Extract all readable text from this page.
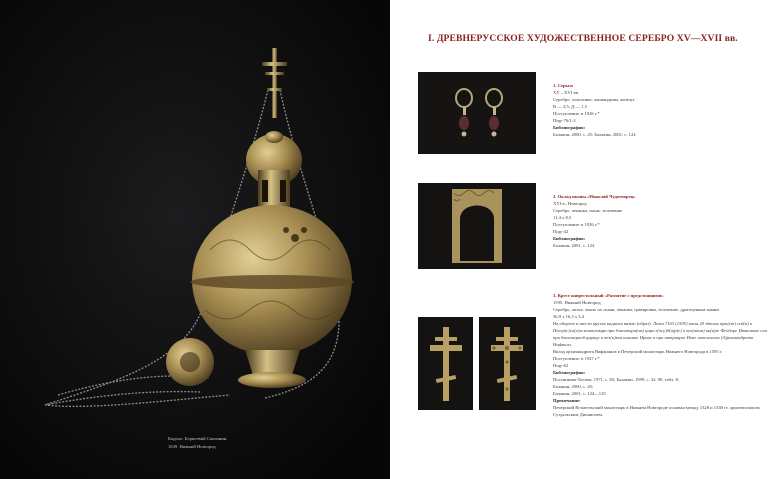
Кадило. Борисевий Сколинин.
1639. Нижний Новгород
I. ДРЕВНЕРУССКОЕ ХУДОЖЕСТВЕННОЕ СЕРЕБРО XV—XVII вв.
1. Серьги
XV – XVI вв.
Серебро, золочение, альмандины, жемчуг
В — 3,5; Д — 1,5
Поступление: в 1926 г.*
Пщу-76/1-2
Библиография:
Балакин, 2000, с. 45; Балакин, 2001, с. 124
2. Оклад иконы «Николай Чудотворец»
XVI в., Новгород
Серебро, чеканка, скань, золочение
11,4 х 8,5
Поступление: в 1926 г.*
Пщу-42
Библиография:
Балакин, 2001, с. 124
3. Крест напрестольный «Распятие с предстоящими»
1595. Нижний Новгород
Серебро, литье, эмаль по скани, чеканка, гравировка, золочение, драгоценные камни
36,9 х 16,3 х 3,4
На обороте в шести кругах надпись вязью (образ): Лета 7103 (1595) июля 20 здѣлан крѣ(ст) сей(и) в Печер(с)ск(о)м монастыри при благовѣрн(ом) цари г(осу)д(а)р(е) и вел(иком) кн(я)зе Феодоре Ивановиче сии при благоверной царице и вел(и)кои кнагине Ирине и при патриархе Иове повелением (А)рхимандрита Нафаила.
Вклад архимандрита Нафанаила в Печерский монастырь Нижнего Новгорода в 1595 г.
Поступление: в 1927 г.*
Пщу-62
Библиография:
Постникова-Лосева, 1971, с. 83; Балакин, 1999, с. 32, 90, табл. 8;
Балакин, 2000, с. 45;
Балакин, 2001, с. 124—125
Примечание:
Печерский Вознесенский монастырь в Нижнем Новгороде основан между 1328 и 1330 гг. архиепископом Суздальским Дионисием.
